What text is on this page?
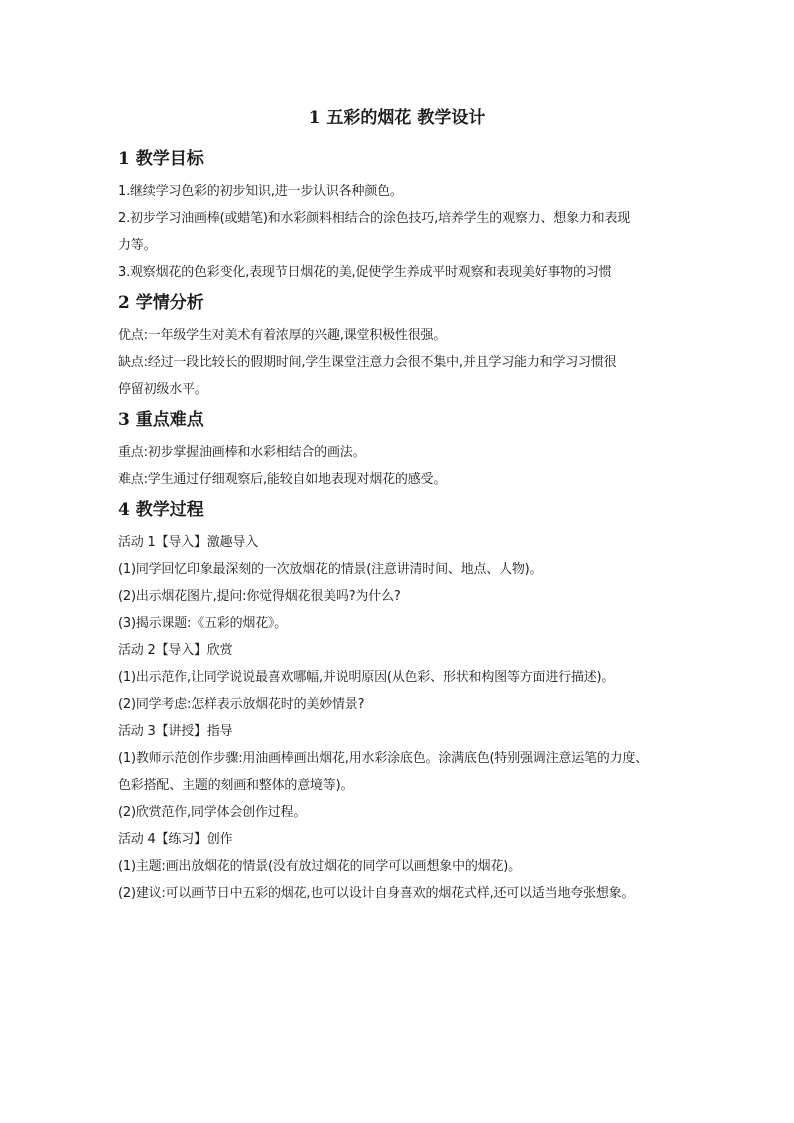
1 五彩的烟花 教学设计
1 教学目标

1.继续学习色彩的初步知识,进一步认识各种颜色。

2.初步学习油画棒(或蜡笔)和水彩颜料相结合的涂色技巧,培养学生的观察力、想象力和表现

力等。

3.观察烟花的色彩变化,表现节日烟花的美,促使学生养成平时观察和表现美好事物的习惯

2 学情分析

优点:一年级学生对美术有着浓厚的兴趣,课堂积极性很强。

缺点:经过一段比较长的假期时间,学生课堂注意力会很不集中,并且学习能力和学习习惯很

停留初级水平。

3 重点难点

重点:初步掌握油画棒和水彩相结合的画法。

难点:学生通过仔细观察后,能较自如地表现对烟花的感受。

4 教学过程

活动 1【导入】激趣导入

(1)同学回忆印象最深刻的一次放烟花的情景(注意讲清时间、地点、人物)。

(2)出示烟花图片,提问:你觉得烟花很美吗?为什么?

(3)揭示课题:《五彩的烟花》。

活动 2【导入】欣赏

(1)出示范作,让同学说说最喜欢哪幅,并说明原因(从色彩、形状和构图等方面进行描述)。

(2)同学考虑:怎样表示放烟花时的美妙情景?

活动 3【讲授】指导

(1)教师示范创作步骤:用油画棒画出烟花,用水彩涂底色。涂满底色(特别强调注意运笔的力度、

色彩搭配、主题的刻画和整体的意境等)。

(2)欣赏范作,同学体会创作过程。

活动 4【练习】创作

(1)主题:画出放烟花的情景(没有放过烟花的同学可以画想象中的烟花)。

(2)建议:可以画节日中五彩的烟花,也可以设计自身喜欢的烟花式样,还可以适当地夸张想象。
